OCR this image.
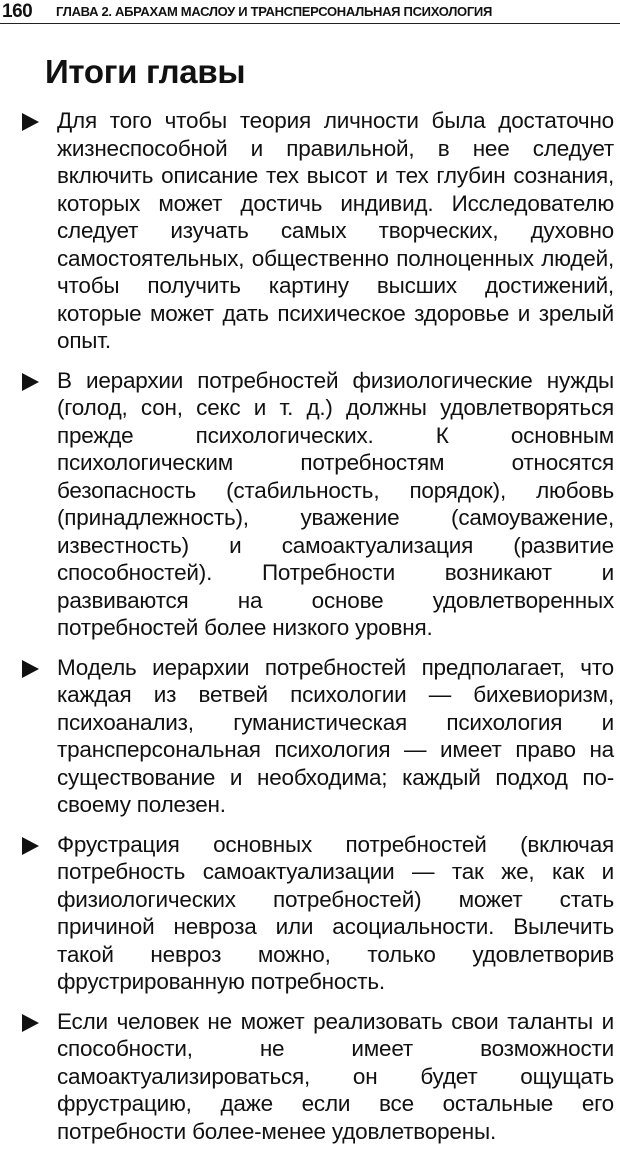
160 ГЛАВА 2. АБРАХАМ МАСЛОУ И ТРАНСПЕРСОНАЛЬНАЯ ПСИХОЛОГИЯ
Итоги главы
Для того чтобы теория личности была достаточно жизнеспособной и правильной, в нее следует включить описание тех высот и тех глубин сознания, которых может достичь индивид. Исследователю следует изучать самых творческих, духовно самостоятельных, общественно полноценных людей, чтобы получить картину высших достижений, которые может дать психическое здоровье и зрелый опыт.
В иерархии потребностей физиологические нужды (голод, сон, секс и т. д.) должны удовлетворяться прежде психологических. К основным психологическим потребностям относятся безопасность (стабильность, порядок), любовь (принадлежность), уважение (самоуважение, известность) и самоактуализация (развитие способностей). Потребности возникают и развиваются на основе удовлетворенных потребностей более низкого уровня.
Модель иерархии потребностей предполагает, что каждая из ветвей психологии — бихевиоризм, психоанализ, гуманистическая психология и трансперсональная психология — имеет право на существование и необходима; каждый подход по-своему полезен.
Фрустрация основных потребностей (включая потребность самоактуализации — так же, как и физиологических потребностей) может стать причиной невроза или асоциальности. Вылечить такой невроз можно, только удовлетворив фрустрированную потребность.
Если человек не может реализовать свои таланты и способности, не имеет возможности самоактуализироваться, он будет ощущать фрустрацию, даже если все остальные его потребности более-менее удовлетворены.
